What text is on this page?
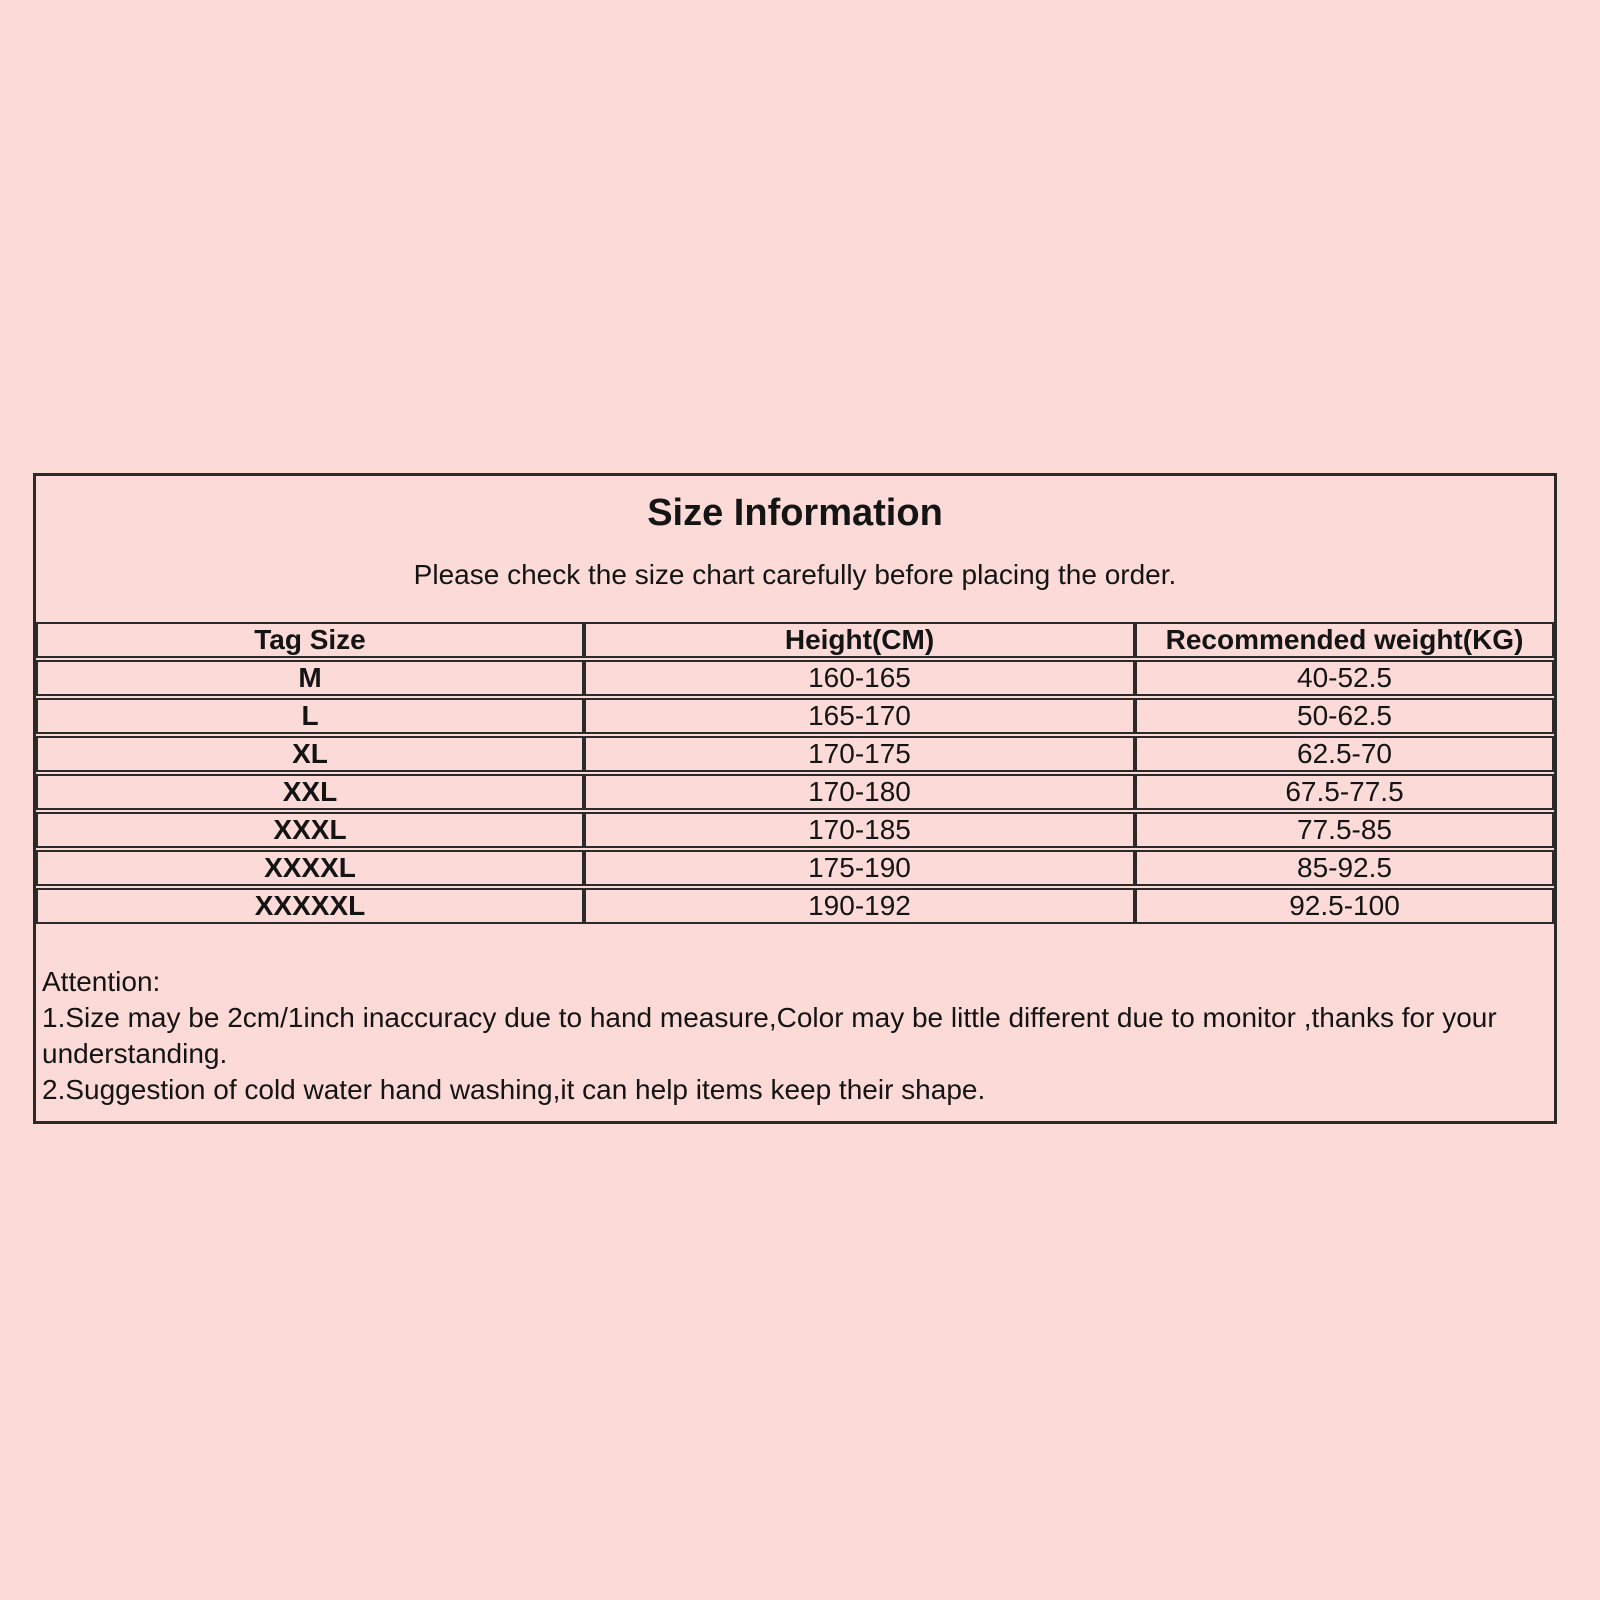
Size Information

Please check the size chart carefully before placing the order.

Tag Size	Height(CM)	Recommended weight(KG)
M	160-165	40-52.5
L	165-170	50-62.5
XL	170-175	62.5-70
XXL	170-180	67.5-77.5
XXXL	170-185	77.5-85
XXXXL	175-190	85-92.5
XXXXXL	190-192	92.5-100

Attention:

1.Size may be 2cm/1inch inaccuracy due to hand measure,Color may be little different due to monitor ,thanks for your understanding.

2.Suggestion of cold water hand washing,it can help items keep their shape.
